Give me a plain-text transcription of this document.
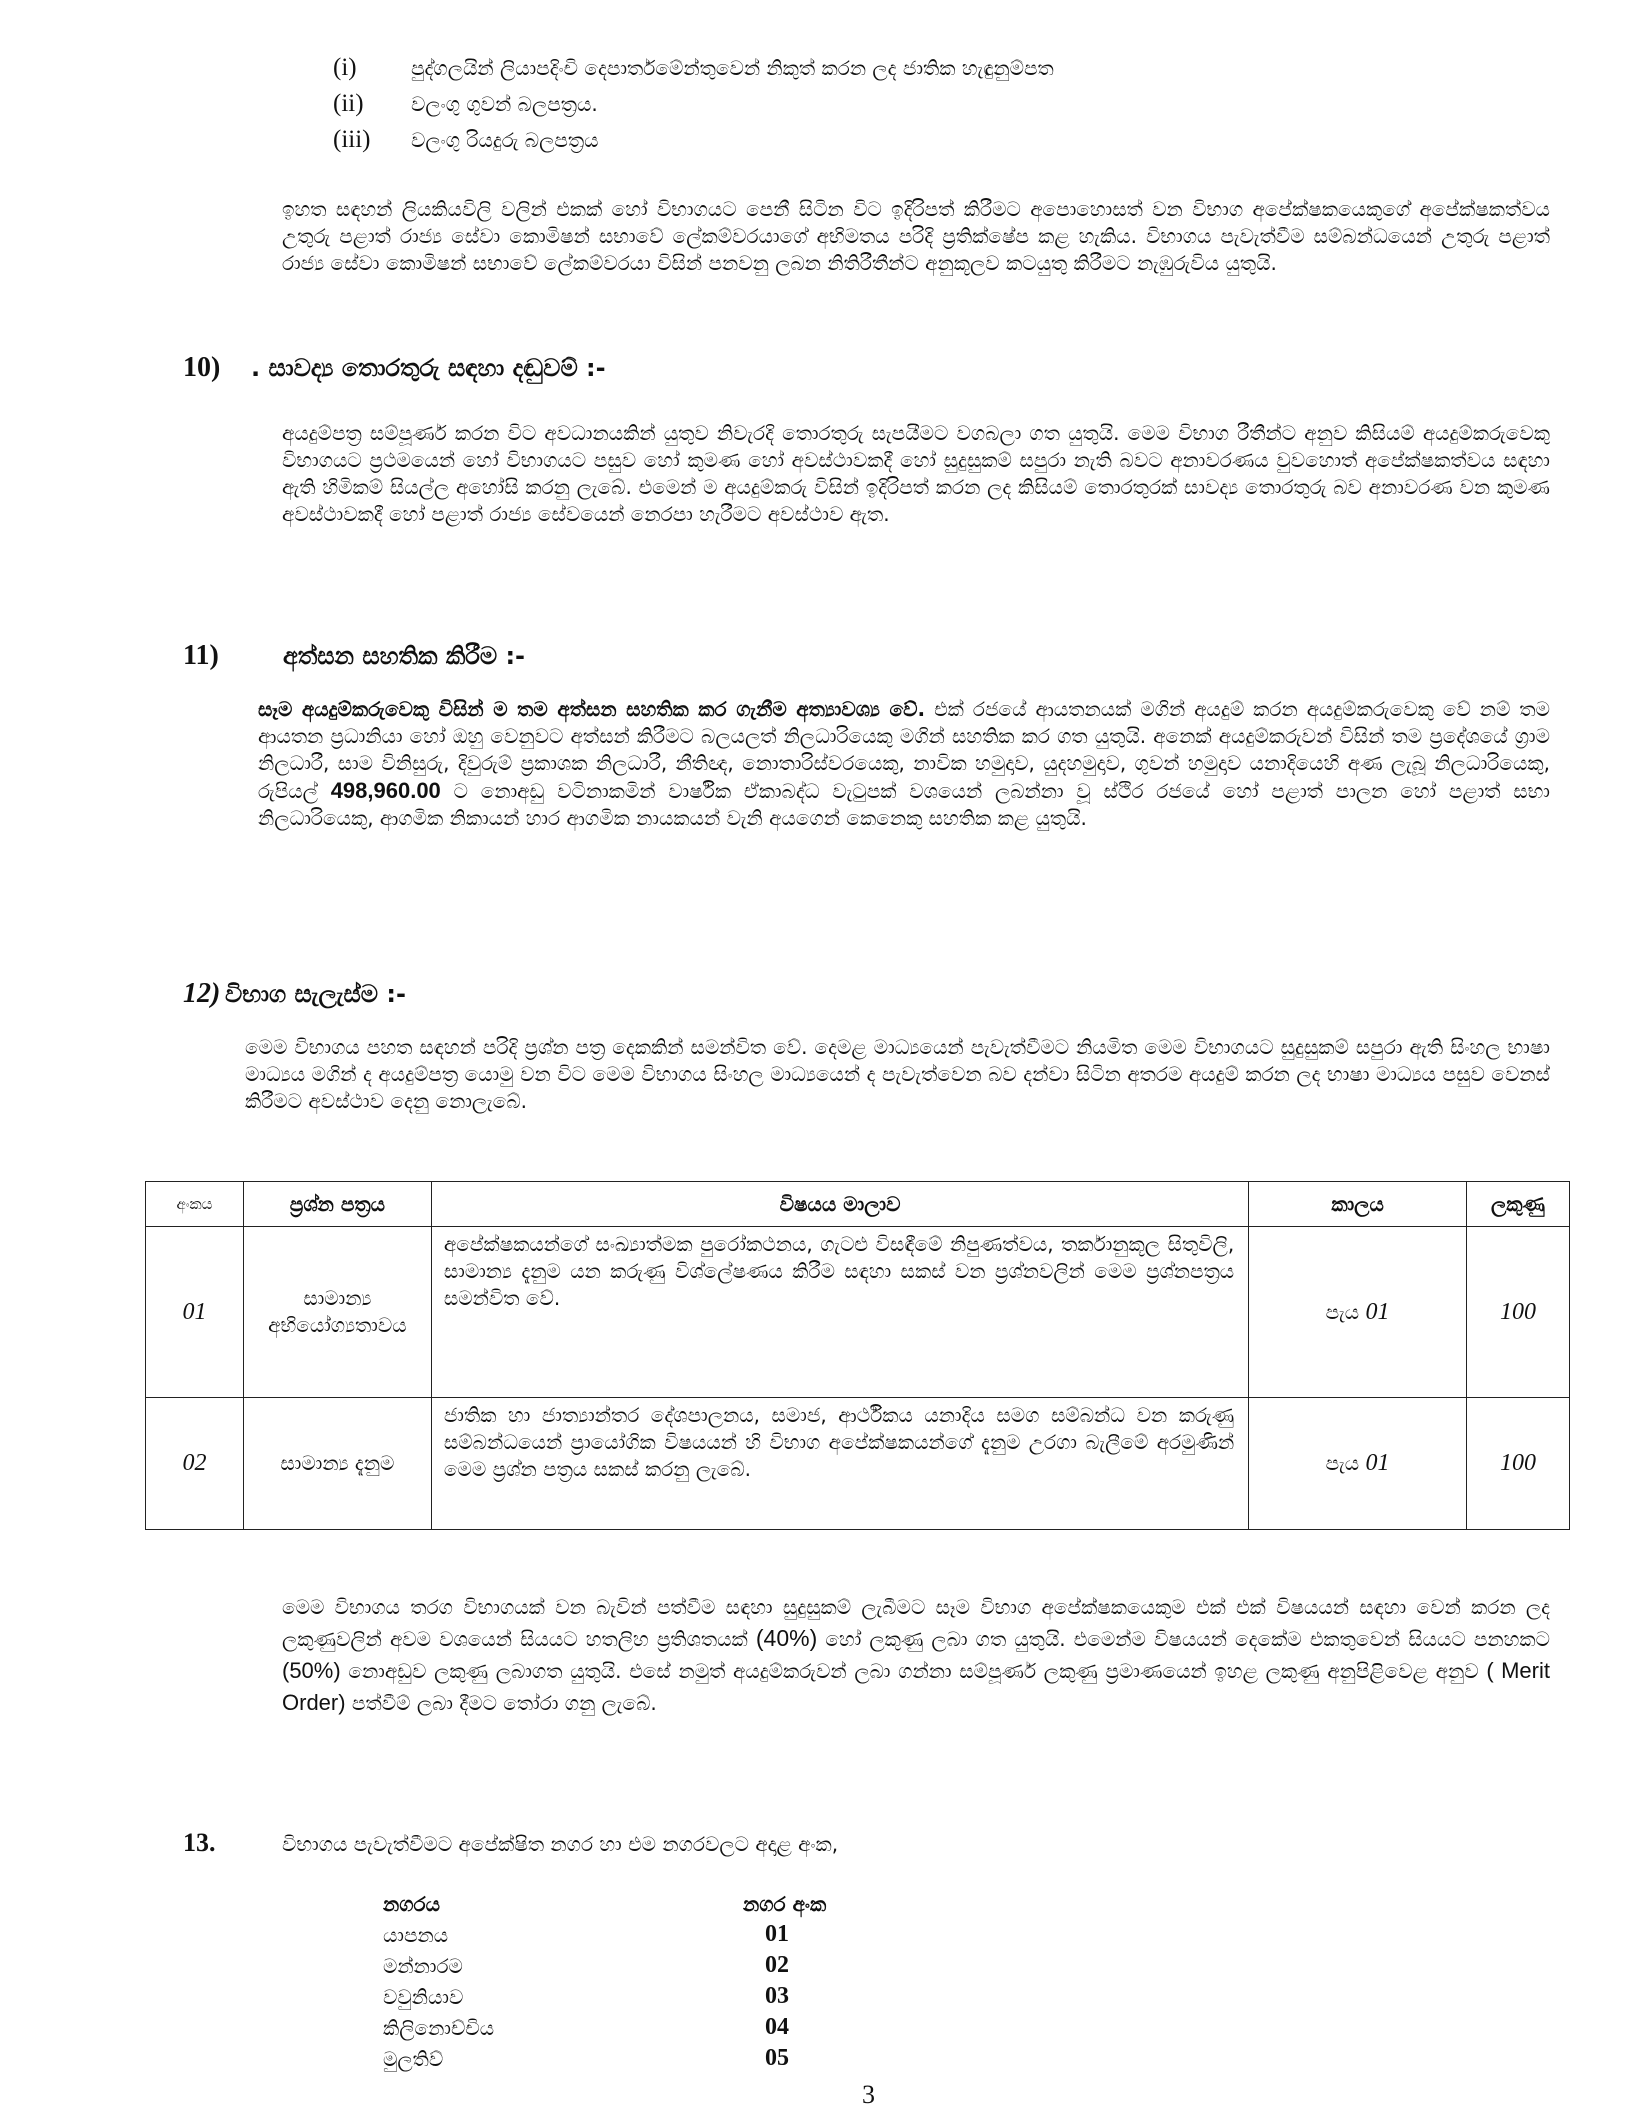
(i)	පුද්ගලයින් ලියාපදිංචි දෙපාර්තමේන්තුවෙන් නිකුත් කරන ලද ජාතික හැඳුනුම්පත
(ii)	වලංගු ගුවන් බලපත්‍රය.
(iii)	වලංගු රියදුරු බලපත්‍රය

ඉහත සඳහන් ලියකියවිලි වලින් එකක් හෝ විභාගයට පෙනී සිටින විට ඉදිරිපත් කිරීමට අපොහොසත් වන විභාග අපේක්ෂකයෙකුගේ අපේක්ෂකත්වය උතුරු පළාත් රාජ්‍ය සේවා කොමිෂන් සභාවේ ලේකම්වරයාගේ අභිමතය පරිදි ප්‍රතික්ෂේප කළ හැකිය. විභාගය පැවැත්වීම සම්බන්ධයෙන් උතුරු පළාත් රාජ්‍ය සේවා කොමිෂන් සභාවේ ලේකම්වරයා විසින් පනවනු ලබන නිතිරීතීන්ට අනුකූලව කටයුතු කිරීමට නැඹුරුවිය යුතුයි.

10)	. සාවද්‍ය තොරතුරු සඳහා දඬුවම් :-

අයදුම්පත්‍ර සම්පූර්ණ කරන විට අවධානයකින් යුතුව නිවැරදි තොරතුරු සැපයීමට වගබලා ගත යුතුයි. මෙම විභාග රීතීන්ට අනුව කිසියම් අයදුම්කරුවෙකු විභාගයට ප්‍රථමයෙන් හෝ විභාගයට පසුව හෝ කුමණ හෝ අවස්ථාවකදී හෝ සුදුසුකම් සපුරා නැති බවට අනාවරණය වුවහොත් අපේක්ෂකත්වය සඳහා ඇති හිමිකම් සියල්ල අහෝසි කරනු ලැබේ. එමෙන් ම අයදුම්කරු විසින් ඉදිරිපත් කරන ලද කිසියම් තොරතුරක් සාවද්‍ය තොරතුරු බව අනාවරණ වන කුමණ අවස්ථාවකදී හෝ පළාත් රාජ්‍ය සේවයෙන් නෙරපා හැරීමට අවස්ථාව ඇත.

11)	අත්සන සහතික කිරීම :-

සෑම අයදුම්කරුවෙකු විසින් ම තම අත්සන සහතික කර ගැනීම අත්‍යාවශ්‍ය වේ. එක් රජයේ ආයතනයක් මගින් අයදුම් කරන අයදුම්කරුවෙකු වේ නම් තම ආයතන ප්‍රධානියා හෝ ඔහු වෙනුවට අත්සන් කිරීමට බලයලත් නිලධාරියෙකු මගින් සහතික කර ගත යුතුයි. අනෙක් අයදුම්කරුවන් විසින් තම ප්‍රදේශයේ ග්‍රාම නිලධාරී, සාම විනිසුරු, දිවුරුම් ප්‍රකාශක නිලධාරී, නීතිඥ, නොතාරිස්වරයෙකු, නාවික හමුදාව, යුදහමුදාව, ගුවන් හමුදාව යනාදියෙහි අණ ලැබූ නිලධාරියෙකු, රුපියල් 498,960.00 ට නොඅඩු වටිනාකමින් වාර්ෂික ඒකාබද්ධ වැටුපක් වශයෙන් ලබන්නා වූ ස්ථිර රජයේ හෝ පළාත් පාලන හෝ පළාත් සභා නිලධාරියෙකු, ආගමික නිකායන් හාර ආගමික නායකයන් වැනි අයගෙන් කෙනෙකු සහතික කළ යුතුයි.

12) විභාග සැලැස්ම :-

මෙම විභාගය පහත සඳහන් පරිදි ප්‍රශ්න පත්‍ර දෙකකින් සමන්විත වේ. දෙමළ මාධ්‍යයෙන් පැවැත්වීමට නියමිත මෙම විභාගයට සුදුසුකම් සපුරා ඇති සිංහල භාෂා මාධ්‍යය මගින් ද අයදුම්පත්‍ර යොමු වන විට මෙම විභාගය සිංහල මාධ්‍යයෙන් ද පැවැත්වෙන බව දන්වා සිටින අතරම අයදුම් කරන ලද භාෂා මාධ්‍යය පසුව වෙනස් කිරීමට අවස්ථාව දෙනු නොලැබේ.

අංකය	ප්‍රශ්න පත්‍රය	විෂයය මාලාව	කාලය	ලකුණු
01	සාමාන්‍ය අභියෝග්‍යතාවය	අපේක්ෂකයන්ගේ සංඛ්‍යාත්මක පුරෝකථනය, ගැටළු විසඳීමේ නිපුණත්වය, තර්කානුකූල සිතුවිලි, සාමාන්‍ය දැනුම යන කරුණු විශ්ලේෂණය කිරීම සඳහා සකස් වන ප්‍රශ්නවලින් මෙම ප්‍රශ්නපත්‍රය සමන්විත වේ.	පැය 01	100
02	සාමාන්‍ය දැනුම	ජාතික හා ජාත්‍යාන්තර දේශපාලනය, සමාජ, ආර්ථිකය යනාදිය සමග සම්බන්ධ වන කරුණු සම්බන්ධයෙන් ප්‍රායෝගික විෂයයන් හි විභාග අපේක්ෂකයන්ගේ දැනුම උරගා බැලීමේ අරමුණින් මෙම ප්‍රශ්න පත්‍රය සකස් කරනු ලැබේ.	පැය 01	100

මෙම විභාගය තරග විභාගයක් වන බැවින් පත්වීම සඳහා සුදුසුකම් ලැබීමට සෑම විභාග අපේක්ෂකයෙකුම එක් එක් විෂයයන් සඳහා වෙන් කරන ලද ලකුණුවලින් අවම වශයෙන් සියයට හතලිහ ප්‍රතිශතයක් (40%) හෝ ලකුණු ලබා ගත යුතුයි. එමෙන්ම විෂයයන් දෙකේම එකතුවෙන් සියයට පනහකට (50%) නොඅඩුව ලකුණු ලබාගත යුතුයි. එසේ නමුත් අයදුම්කරුවන් ලබා ගන්නා සම්පූර්ණ ලකුණු ප්‍රමාණයෙන් ඉහළ ලකුණු අනුපිළිවෙළ අනුව ( Merit Order) පත්වීම් ලබා දීමට තෝරා ගනු ලැබේ.

13.	විභාගය පැවැත්වීමට අපේක්ෂිත නගර හා එම නගරවලට අදාළ අංක,
නගරය	නගර අංක
යාපනය	01
මන්නාරම	02
වවුනියාව	03
කිලිනොච්චිය	04
මුලතිව්	05
3
